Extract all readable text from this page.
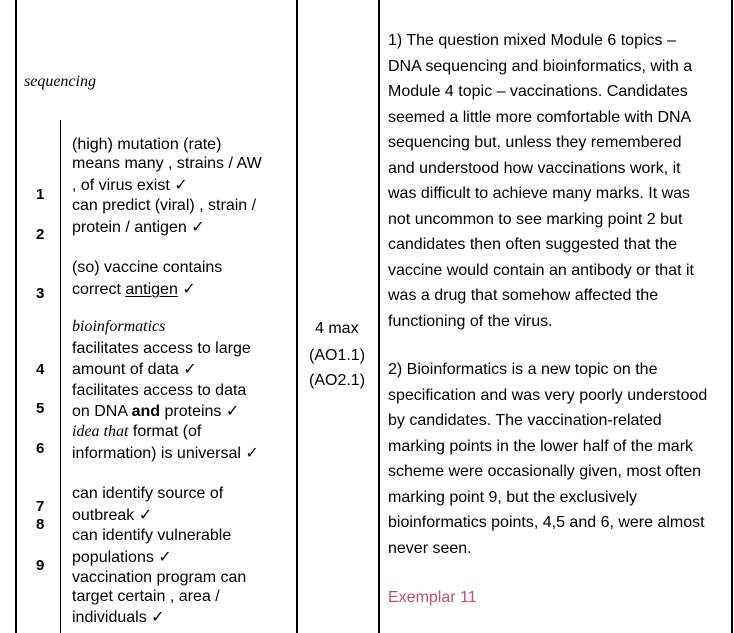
sequencing
1
2
3
4
5
6
7
8
9
(high) mutation (rate)
means many , strains / AW
, of virus exist ✓
can predict (viral) , strain /
protein / antigen ✓
(so) vaccine contains
correct antigen ✓
bioinformatics
facilitates access to large
amount of data ✓
facilitates access to data
on DNA and proteins ✓
idea that format (of
information) is universal ✓
can identify source of
outbreak ✓
can identify vulnerable
populations ✓
vaccination program can
target certain , area /
individuals ✓
4 max
(AO1.1)
(AO2.1)
1) The question mixed Module 6 topics –
DNA sequencing and bioinformatics, with a
Module 4 topic – vaccinations. Candidates
seemed a little more comfortable with DNA
sequencing but, unless they remembered
and understood how vaccinations work, it
was difficult to achieve many marks. It was
not uncommon to see marking point 2 but
candidates then often suggested that the
vaccine would contain an antibody or that it
was a drug that somehow affected the
functioning of the virus.
2) Bioinformatics is a new topic on the
specification and was very poorly understood
by candidates. The vaccination-related
marking points in the lower half of the mark
scheme were occasionally given, most often
marking point 9, but the exclusively
bioinformatics points, 4,5 and 6, were almost
never seen.
Exemplar 11
